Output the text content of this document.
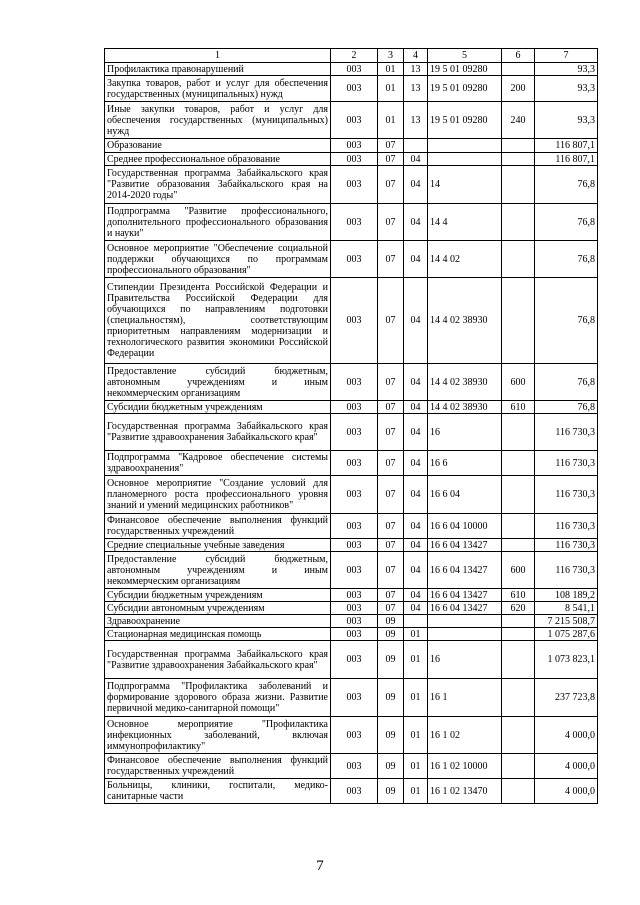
1	2	3	4	5	6	7
Профилактика правонарушений	003	01	13	19 5 01 09280		93,3
Закупка товаров, работ и услуг для обеспечения государственных (муниципальных) нужд	003	01	13	19 5 01 09280	200	93,3
Иные закупки товаров, работ и услуг для обеспечения государственных (муниципальных) нужд	003	01	13	19 5 01 09280	240	93,3
Образование	003	07				116 807,1
Среднее профессиональное образование	003	07	04			116 807,1
Государственная программа Забайкальского края "Развитие образования Забайкальского края на 2014-2020 годы"	003	07	04	14		76,8
Подпрограмма "Развитие профессионального, дополнительного профессионального образования и науки"	003	07	04	14 4		76,8
Основное мероприятие "Обеспечение социальной поддержки обучающихся по программам профессионального образования"	003	07	04	14 4 02		76,8
Стипендии Президента Российской Федерации и Правительства Российской Федерации для обучающихся по направлениям подготовки (специальностям), соответствующим приоритетным направлениям модернизации и технологического развития экономики Российской Федерации	003	07	04	14 4 02 38930		76,8
Предоставление субсидий бюджетным, автономным учреждениям и иным некоммерческим организациям	003	07	04	14 4 02 38930	600	76,8
Субсидии бюджетным учреждениям	003	07	04	14 4 02 38930	610	76,8
Государственная программа Забайкальского края "Развитие здравоохранения Забайкальского края"	003	07	04	16		116 730,3
Подпрограмма "Кадровое обеспечение системы здравоохранения"	003	07	04	16 6		116 730,3
Основное мероприятие "Создание условий для планомерного роста профессионального уровня знаний и умений медицинских работников"	003	07	04	16 6 04		116 730,3
Финансовое обеспечение выполнения функций государственных учреждений	003	07	04	16 6 04 10000		116 730,3
Средние специальные учебные заведения	003	07	04	16 6 04 13427		116 730,3
Предоставление субсидий бюджетным, автономным учреждениям и иным некоммерческим организациям	003	07	04	16 6 04 13427	600	116 730,3
Субсидии бюджетным учреждениям	003	07	04	16 6 04 13427	610	108 189,2
Субсидии автономным учреждениям	003	07	04	16 6 04 13427	620	8 541,1
Здравоохранение	003	09				7 215 508,7
Стационарная медицинская помощь	003	09	01			1 075 287,6
Государственная программа Забайкальского края "Развитие здравоохранения Забайкальского края"	003	09	01	16		1 073 823,1
Подпрограмма "Профилактика заболеваний и формирование здорового образа жизни. Развитие первичной медико-санитарной помощи"	003	09	01	16 1		237 723,8
Основное мероприятие "Профилактика инфекционных заболеваний, включая иммунопрофилактику"	003	09	01	16 1 02		4 000,0
Финансовое обеспечение выполнения функций государственных учреждений	003	09	01	16 1 02 10000		4 000,0
Больницы, клиники, госпитали, медико-санитарные части	003	09	01	16 1 02 13470		4 000,0
7
